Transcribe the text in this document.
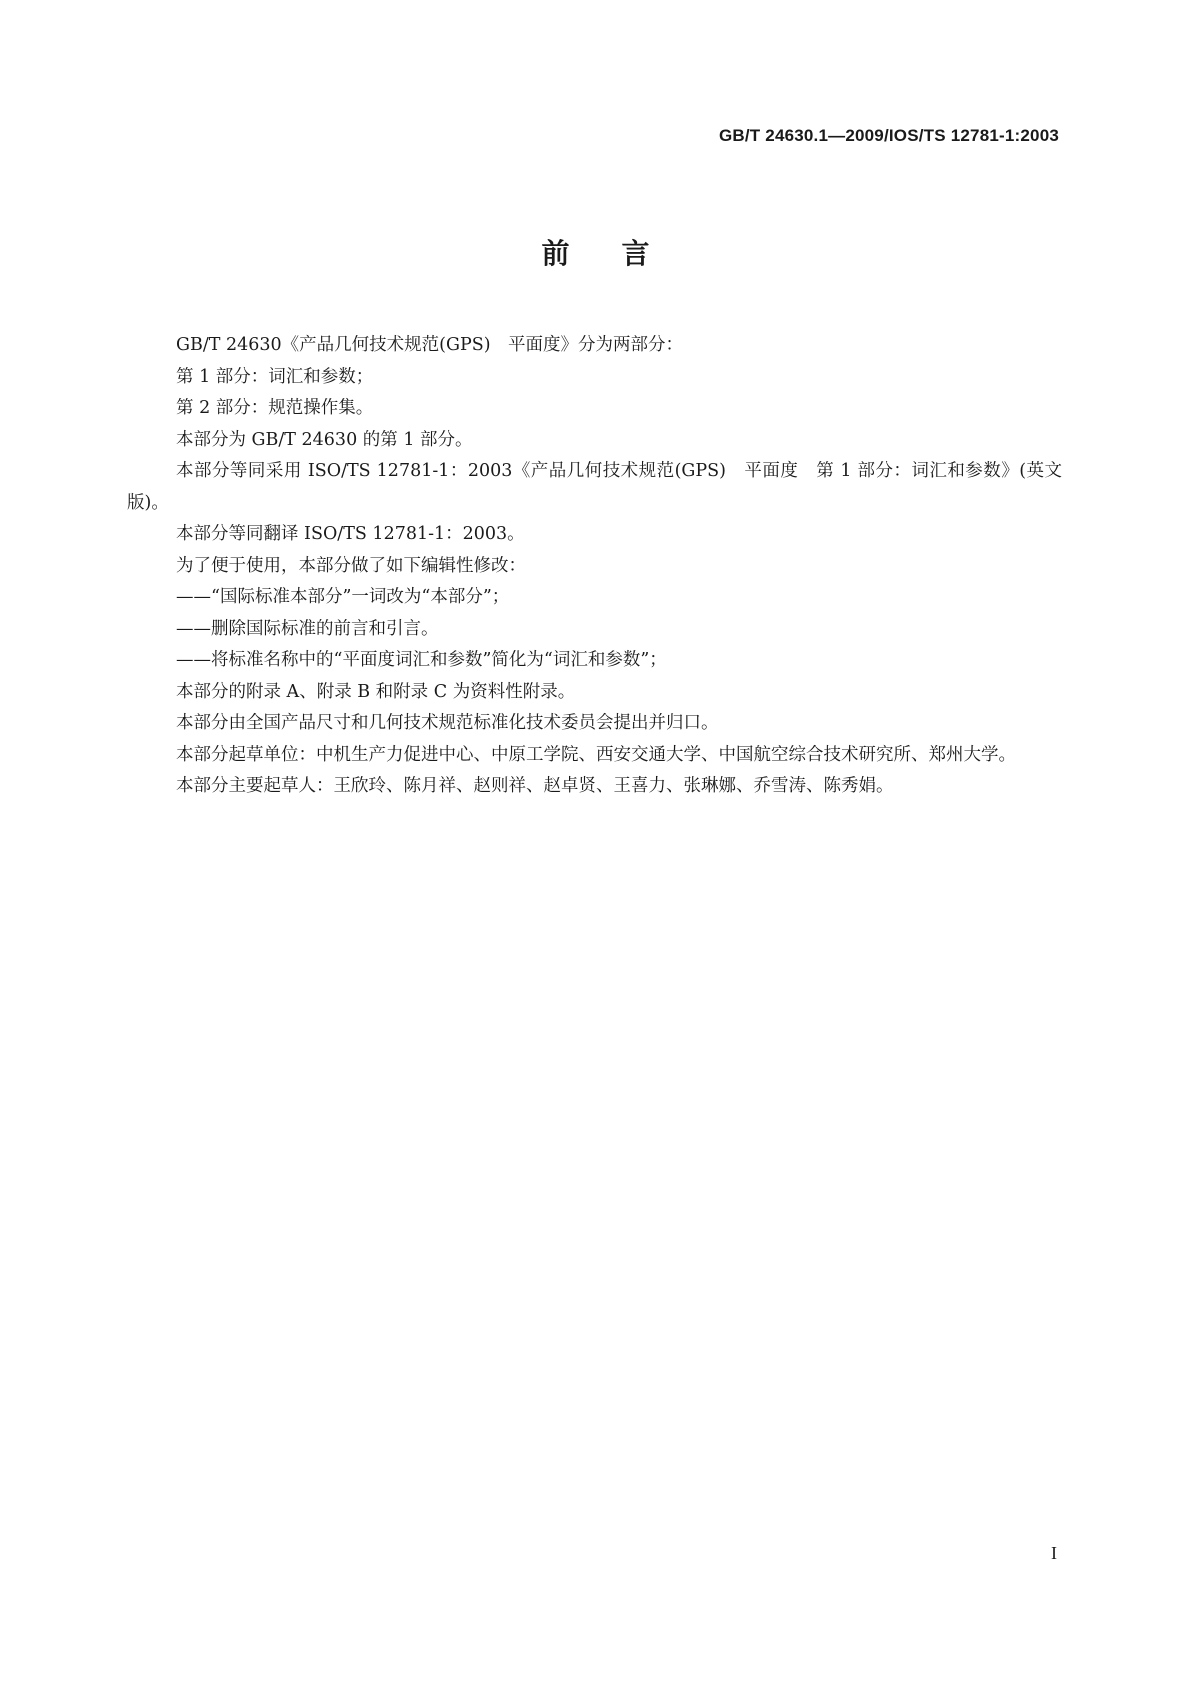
GB/T 24630.1—2009/IOS/TS 12781-1:2003
前言

GB/T 24630《产品几何技术规范(GPS)　平面度》分为两部分：

第 1 部分：词汇和参数；

第 2 部分：规范操作集。

本部分为 GB/T 24630 的第 1 部分。

本部分等同采用 ISO/TS 12781-1：2003《产品几何技术规范(GPS)　平面度　第 1 部分：词汇和参数》(英文版)。

本部分等同翻译 ISO/TS 12781-1：2003。

为了便于使用，本部分做了如下编辑性修改：

——“国际标准本部分”一词改为“本部分”；

——删除国际标准的前言和引言。

——将标准名称中的“平面度词汇和参数”简化为“词汇和参数”；

本部分的附录 A、附录 B 和附录 C 为资料性附录。

本部分由全国产品尺寸和几何技术规范标准化技术委员会提出并归口。

本部分起草单位：中机生产力促进中心、中原工学院、西安交通大学、中国航空综合技术研究所、郑州大学。

本部分主要起草人：王欣玲、陈月祥、赵则祥、赵卓贤、王喜力、张琳娜、乔雪涛、陈秀娟。

I
